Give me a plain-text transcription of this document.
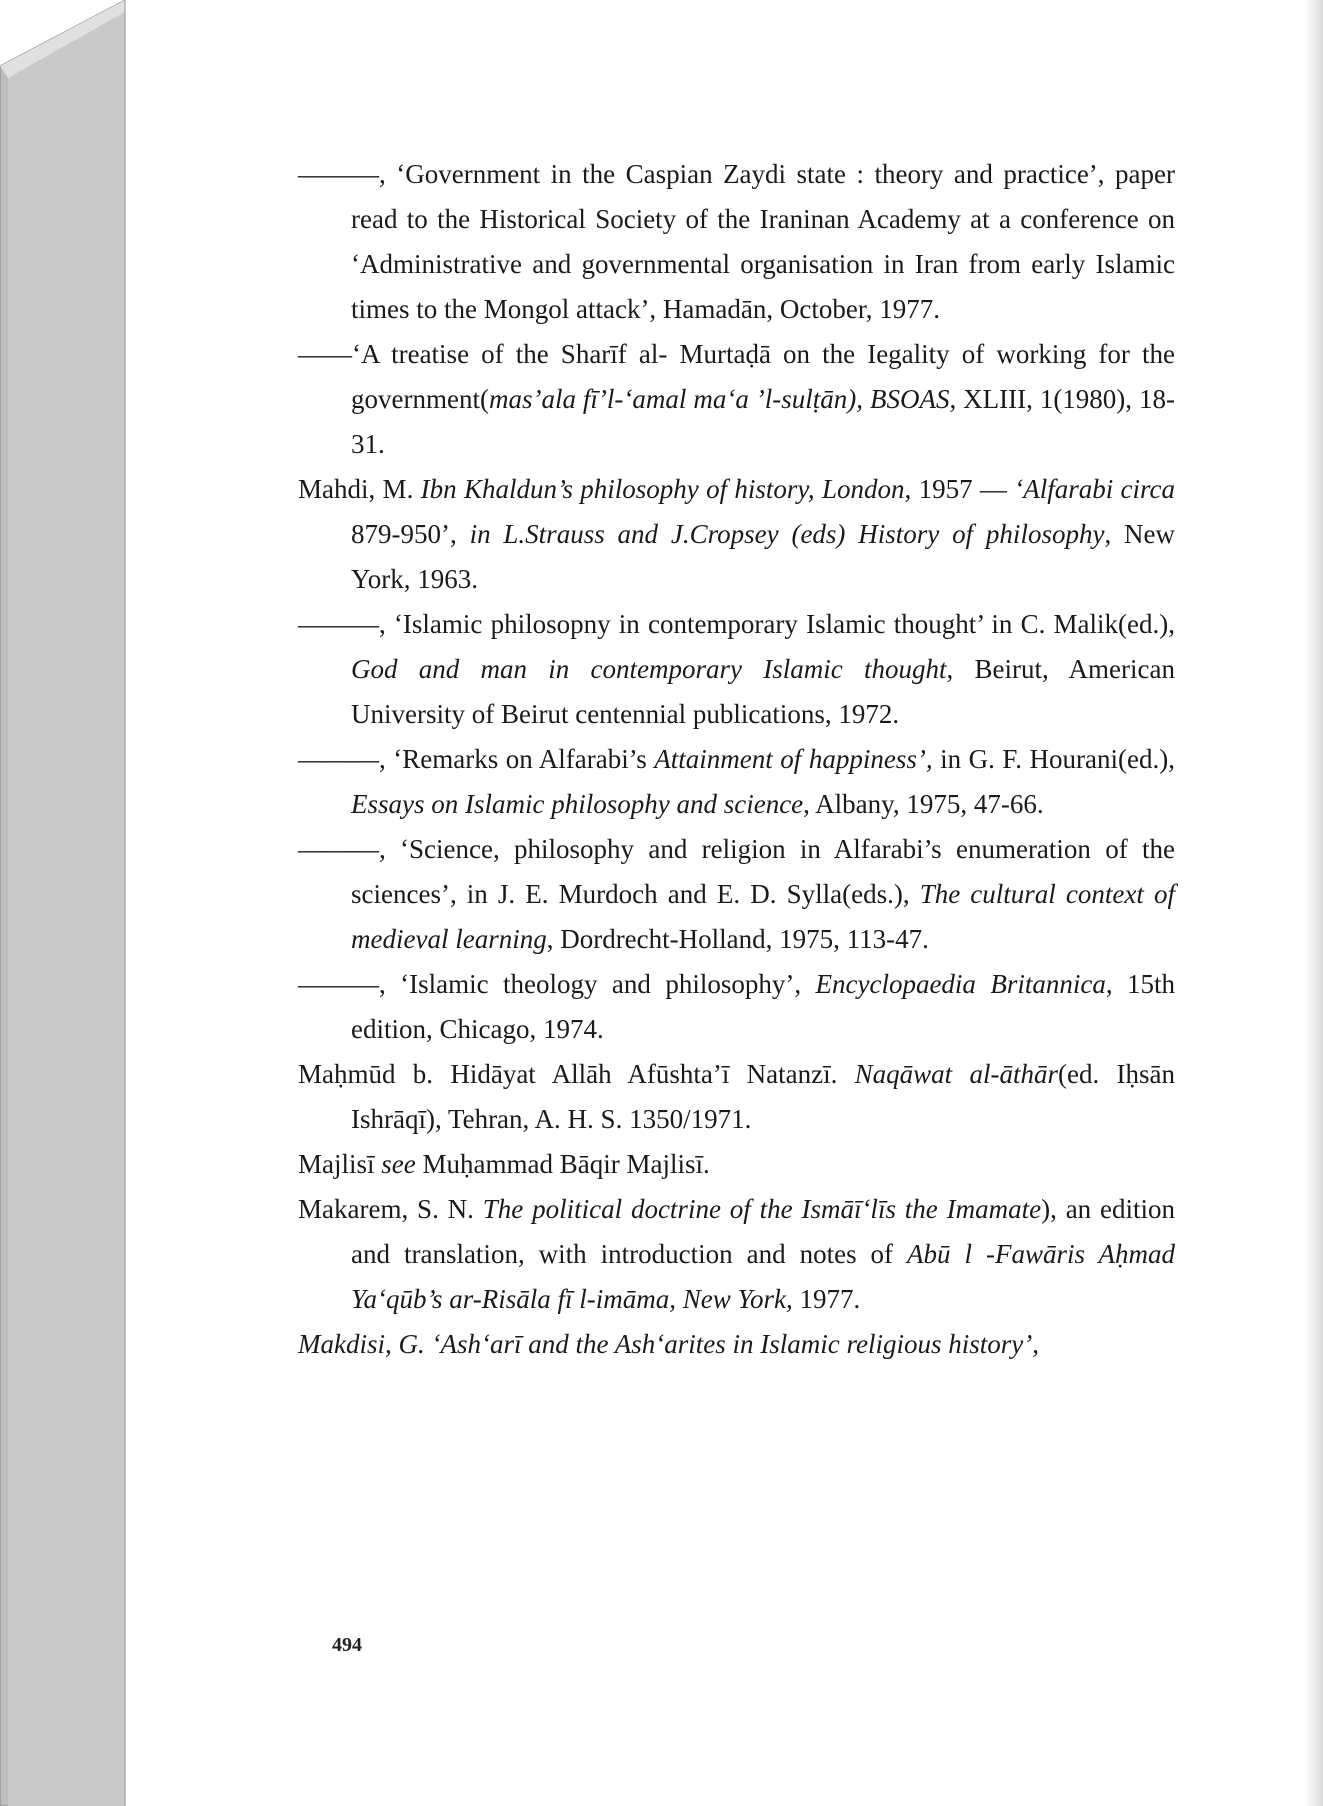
494

———, ‘Government in the Caspian Zaydi state : theory and practice’, paper read to the Historical Society of the Iraninan Academy at a conference on ‘Administrative and governmental organisation in Iran from early Islamic times to the Mongol attack’, Hamadān, October, 1977.

——‘A treatise of the Sharīf al- Murtaḍā on the Iegality of working for the government(mas’ala fī’l-‘amal ma‘a ’l-sulṭān), BSOAS, XLIII, 1(1980), 18-31.

Mahdi, M. Ibn Khaldun’s philosophy of history, London, 1957 — ‘Alfarabi circa 879-950’, in L.Strauss and J.Cropsey (eds) History of philosophy, New York, 1963.

———, ‘Islamic philosopny in contemporary Islamic thought’ in C. Malik(ed.), God and man in contemporary Islamic thought, Beirut, American University of Beirut centennial publications, 1972.

———, ‘Remarks on Alfarabi’s Attainment of happiness’, in G. F. Hourani(ed.), Essays on Islamic philosophy and science, Albany, 1975, 47-66.

———, ‘Science, philosophy and religion in Alfarabi’s enumeration of the sciences’, in J. E. Murdoch and E. D. Sylla(eds.), The cultural context of medieval learning, Dordrecht-Holland, 1975, 113-47.

———, ‘Islamic theology and philosophy’, Encyclopaedia Britannica, 15th edition, Chicago, 1974.

Maḥmūd b. Hidāyat Allāh Afūshta’ī Natanzī. Naqāwat al-āthār(ed. Iḥsān Ishrāqī), Tehran, A. H. S. 1350/1971.

Majlisī see Muḥammad Bāqir Majlisī.

Makarem, S. N. The political doctrine of the Ismāī‘līs the Imamate), an edition and translation, with introduction and notes of Abū l -Fawāris Aḥmad Ya‘qūb’s ar-Risāla fī l-imāma, New York, 1977.

Makdisi, G. ‘Ash‘arī and the Ash‘arites in Islamic religious history’,
